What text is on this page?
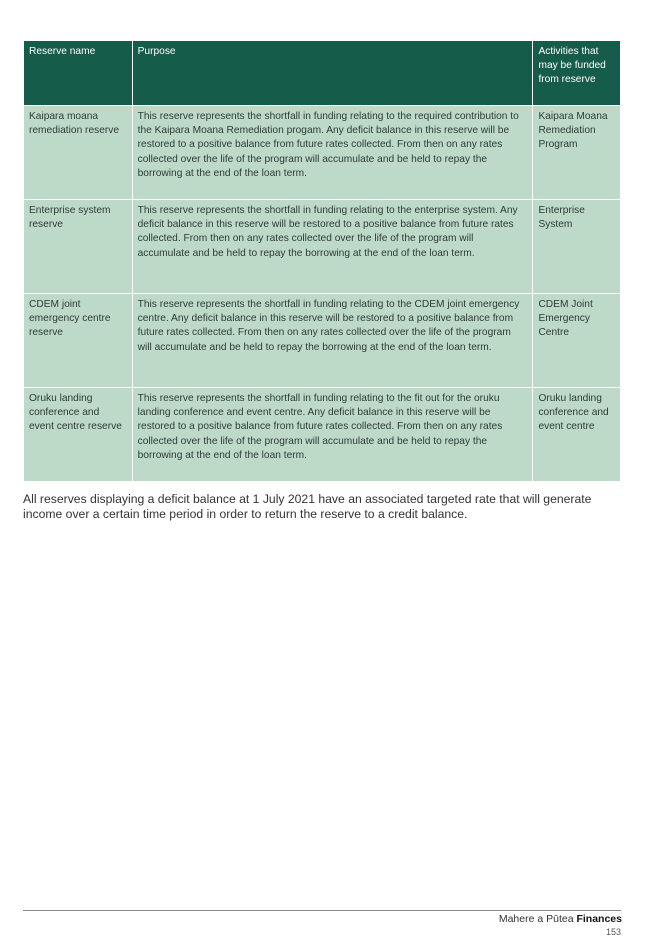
Reserve name	Purpose	Activities that may be funded from reserve
Kaipara moana remediation reserve	This reserve represents the shortfall in funding relating to the required contribution to the Kaipara Moana Remediation progam. Any deficit balance in this reserve will be restored to a positive balance from future rates collected. From then on any rates collected over the life of the program will accumulate and be held to repay the borrowing at the end of the loan term.	Kaipara Moana Remediation Program
Enterprise system reserve	This reserve represents the shortfall in funding relating to the enterprise system. Any deficit balance in this reserve will be restored to a positive balance from future rates collected. From then on any rates collected over the life of the program will accumulate and be held to repay the borrowing at the end of the loan term.	Enterprise System
CDEM joint emergency centre reserve	This reserve represents the shortfall in funding relating to the CDEM joint emergency centre. Any deficit balance in this reserve will be restored to a positive balance from future rates collected. From then on any rates collected over the life of the program will accumulate and be held to repay the borrowing at the end of the loan term.	CDEM Joint Emergency Centre
Oruku landing conference and event centre reserve	This reserve represents the shortfall in funding relating to the fit out for the oruku landing conference and event centre. Any deficit balance in this reserve will be restored to a positive balance from future rates collected. From then on any rates collected over the life of the program will accumulate and be held to repay the borrowing at the end of the loan term.	Oruku landing conference and event centre

All reserves displaying a deficit balance at 1 July 2021 have an associated targeted rate that will generate income over a certain time period in order to return the reserve to a credit balance.

Mahere a Pūtea Finances
153
